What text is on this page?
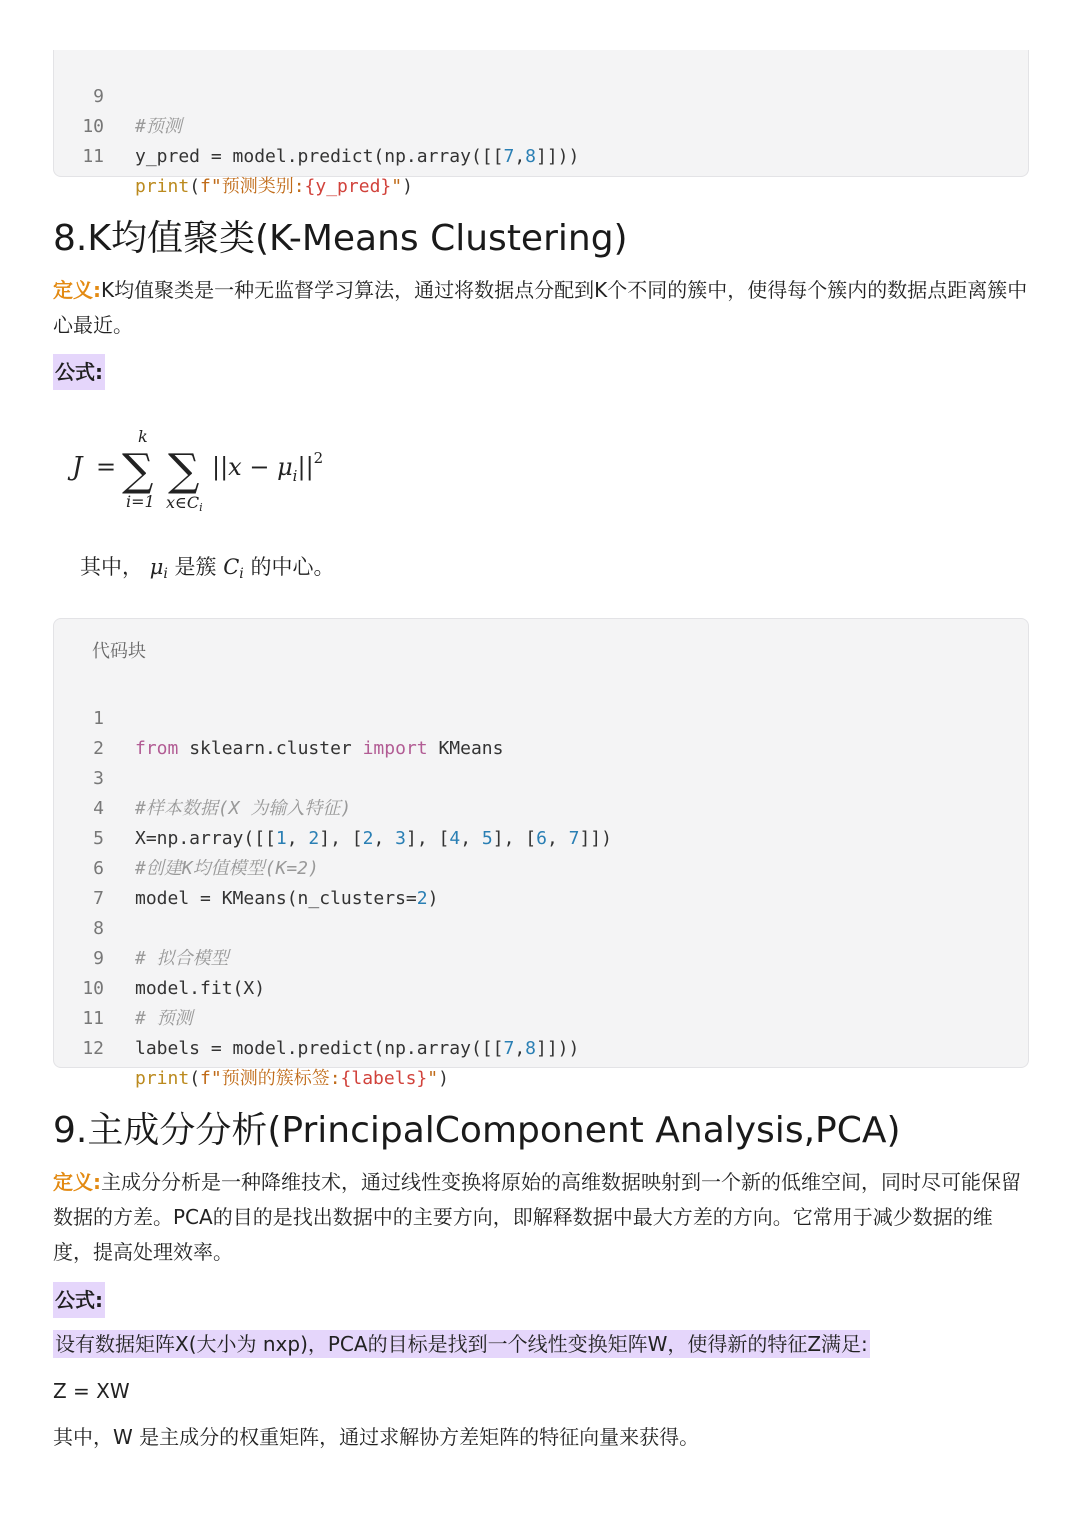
9

#预测

10

y_pred = model.predict(np.array([[7,8]]))

11

print(f"预测类别:{y_pred}")

8.K均值聚类(K-Means Clustering)
定义:K均值聚类是一种无监督学习算法，通过将数据点分配到K个不同的簇中，使得每个簇内的数据点距离簇中心最近。
公式:
J =
k
∑
i=1
∑
x∈Ci
$||x - \mu_i||^2$
其中， μi 是簇 Ci 的中心。
代码块

1

from sklearn.cluster import KMeans

2

3

#样本数据(X 为输入特征)

4

X=np.array([[1, 2], [2, 3], [4, 5], [6, 7]])

5

#创建K均值模型(K=2)

6

model = KMeans(n_clusters=2)

7

8

# 拟合模型

9

model.fit(X)

10

# 预测

11

labels = model.predict(np.array([[7,8]]))

12

print(f"预测的簇标签:{labels}")

9.主成分分析(PrincipalComponent Analysis,PCA)
定义:主成分分析是一种降维技术，通过线性变换将原始的高维数据映射到一个新的低维空间，同时尽可能保留数据的方差。PCA的目的是找出数据中的主要方向，即解释数据中最大方差的方向。它常用于减少数据的维度，提高处理效率。
公式:
设有数据矩阵X(大小为 nxp)，PCA的目标是找到一个线性变换矩阵W，使得新的特征Z满足:
Z = XW
其中，W 是主成分的权重矩阵，通过求解协方差矩阵的特征向量来获得。
